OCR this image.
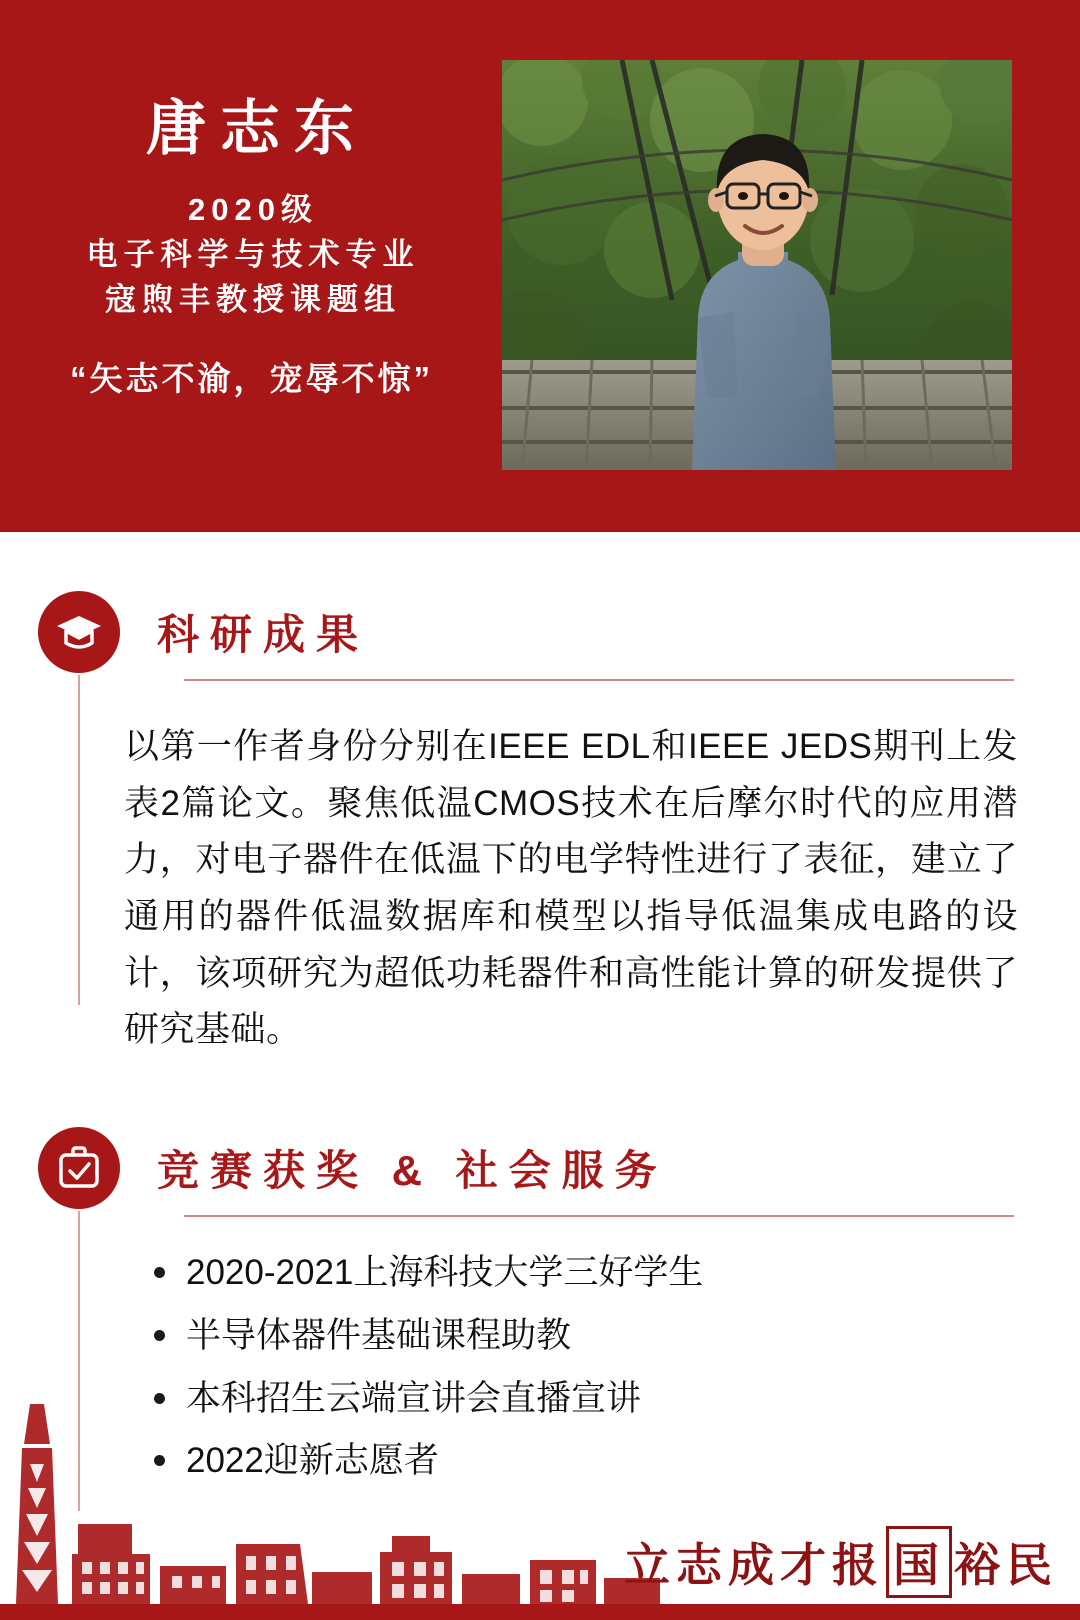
唐志东
2020级
电子科学与技术专业
寇煦丰教授课题组
“矢志不渝，宠辱不惊”
科研成果

以第一作者身份分别在IEEE EDL和IEEE JEDS期刊上发表2篇论文。聚焦低温CMOS技术在后摩尔时代的应用潜力，对电子器件在低温下的电学特性进行了表征，建立了通用的器件低温数据库和模型以指导低温集成电路的设计，该项研究为超低功耗器件和高性能计算的研发提供了研究基础。

竞赛获奖 & 社会服务
2020-2021上海科技大学三好学生
半导体器件基础课程助教
本科招生云端宣讲会直播宣讲
2022迎新志愿者
立志成才报 国 裕民
